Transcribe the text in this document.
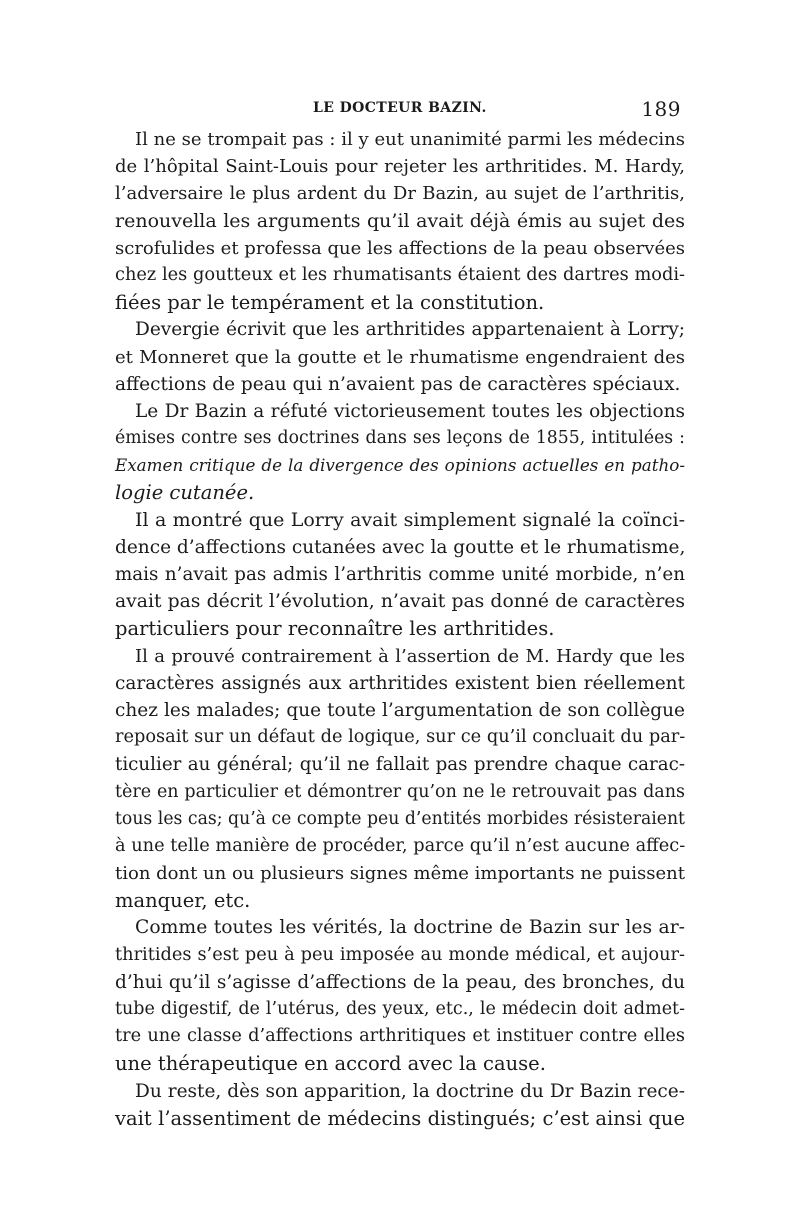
LE DOCTEUR BAZIN.	189
Il ne se trompait pas : il y eut unanimité parmi les médecins
de l’hôpital Saint-Louis pour rejeter les arthritides. M. Hardy,
l’adversaire le plus ardent du Dr Bazin, au sujet de l’arthritis,
renouvella les arguments qu’il avait déjà émis au sujet des
scrofulides et professa que les affections de la peau observées
chez les goutteux et les rhumatisants étaient des dartres modi-
fiées par le tempérament et la constitution.
Devergie écrivit que les arthritides appartenaient à Lorry;
et Monneret que la goutte et le rhumatisme engendraient des
affections de peau qui n’avaient pas de caractères spéciaux.
Le Dr Bazin a réfuté victorieusement toutes les objections
émises contre ses doctrines dans ses leçons de 1855, intitulées :
Examen critique de la divergence des opinions actuelles en patho-
logie cutanée.
Il a montré que Lorry avait simplement signalé la coïnci-
dence d’affections cutanées avec la goutte et le rhumatisme,
mais n’avait pas admis l’arthritis comme unité morbide, n’en
avait pas décrit l’évolution, n’avait pas donné de caractères
particuliers pour reconnaître les arthritides.
Il a prouvé contrairement à l’assertion de M. Hardy que les
caractères assignés aux arthritides existent bien réellement
chez les malades; que toute l’argumentation de son collègue
reposait sur un défaut de logique, sur ce qu’il concluait du par-
ticulier au général; qu’il ne fallait pas prendre chaque carac-
tère en particulier et démontrer qu’on ne le retrouvait pas dans
tous les cas; qu’à ce compte peu d’entités morbides résisteraient
à une telle manière de procéder, parce qu’il n’est aucune affec-
tion dont un ou plusieurs signes même importants ne puissent
manquer, etc.
Comme toutes les vérités, la doctrine de Bazin sur les ar-
thritides s’est peu à peu imposée au monde médical, et aujour-
d’hui qu’il s’agisse d’affections de la peau, des bronches, du
tube digestif, de l’utérus, des yeux, etc., le médecin doit admet-
tre une classe d’affections arthritiques et instituer contre elles
une thérapeutique en accord avec la cause.
Du reste, dès son apparition, la doctrine du Dr Bazin rece-
vait l’assentiment de médecins distingués; c’est ainsi que
